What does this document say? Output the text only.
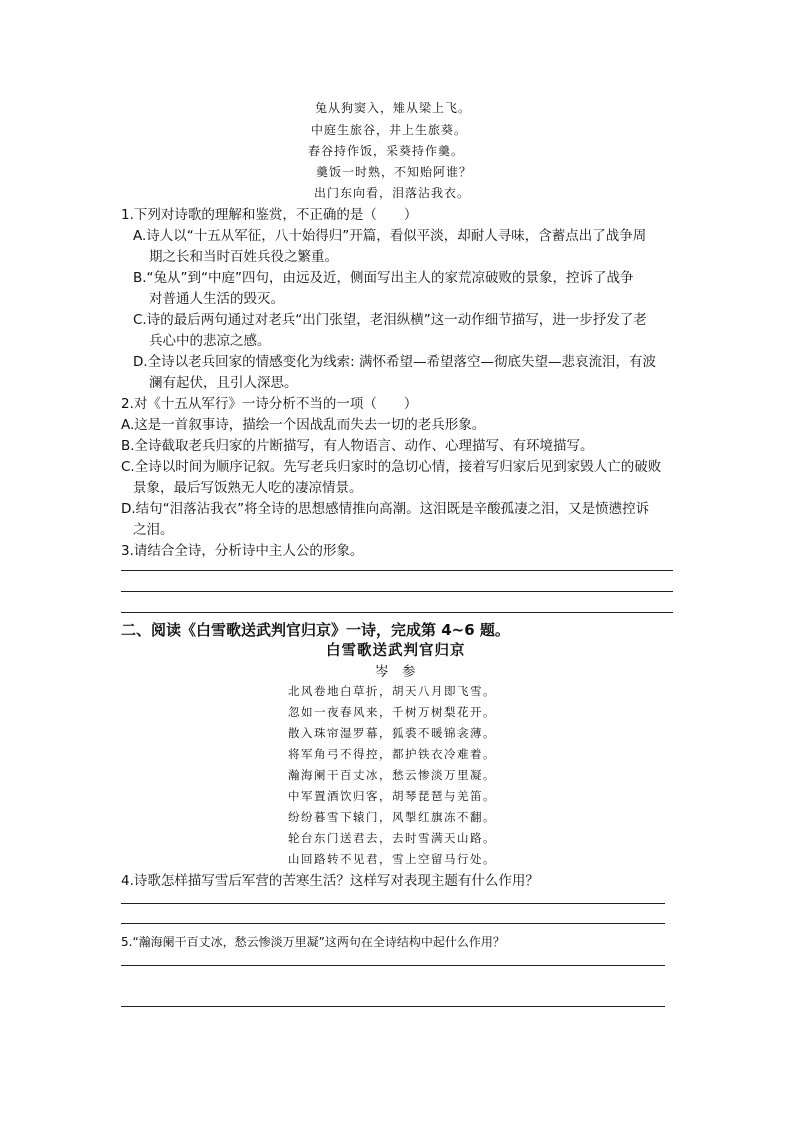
兔从狗窦入，雉从梁上飞。
中庭生旅谷，井上生旅葵。
舂谷持作饭，采葵持作羹。
羹饭一时熟，不知贻阿谁？
出门东向看，泪落沾我衣。
1.下列对诗歌的理解和鉴赏，不正确的是（　　）
A.诗人以“十五从军征，八十始得归”开篇，看似平淡，却耐人寻味，含蓄点出了战争周
期之长和当时百姓兵役之繁重。
B.“兔从”到“中庭”四句，由远及近，侧面写出主人的家荒凉破败的景象，控诉了战争
对普通人生活的毁灭。
C.诗的最后两句通过对老兵“出门张望，老泪纵横”这一动作细节描写，进一步抒发了老
兵心中的悲凉之感。
D.全诗以老兵回家的情感变化为线索: 满怀希望—希望落空—彻底失望—悲哀流泪，有波
澜有起伏，且引人深思。
2.对《十五从军行》一诗分析不当的一项（　　）
A.这是一首叙事诗，描绘一个因战乱而失去一切的老兵形象。
B.全诗截取老兵归家的片断描写，有人物语言、动作、心理描写、有环境描写。
C.全诗以时间为顺序记叙。先写老兵归家时的急切心情，接着写归家后见到家毁人亡的破败
景象，最后写饭熟无人吃的凄凉情景。
D.结句“泪落沾我衣”将全诗的思想感情推向高潮。这泪既是辛酸孤凄之泪，又是愤懑控诉
之泪。
3.请结合全诗，分析诗中主人公的形象。
二、阅读《白雪歌送武判官归京》一诗，完成第 4~6 题。
白雪歌送武判官归京
岑　参
北风卷地白草折，胡天八月即飞雪。
忽如一夜春风来，千树万树梨花开。
散入珠帘湿罗幕，狐裘不暖锦衾薄。
将军角弓不得控，都护铁衣冷难着。
瀚海阑干百丈冰，愁云惨淡万里凝。
中军置酒饮归客，胡琴琵琶与羌笛。
纷纷暮雪下辕门，风掣红旗冻不翻。
轮台东门送君去，去时雪满天山路。
山回路转不见君，雪上空留马行处。
4.诗歌怎样描写雪后军营的苦寒生活？这样写对表现主题有什么作用？
5.“瀚海阑干百丈冰，愁云惨淡万里凝”这两句在全诗结构中起什么作用？
